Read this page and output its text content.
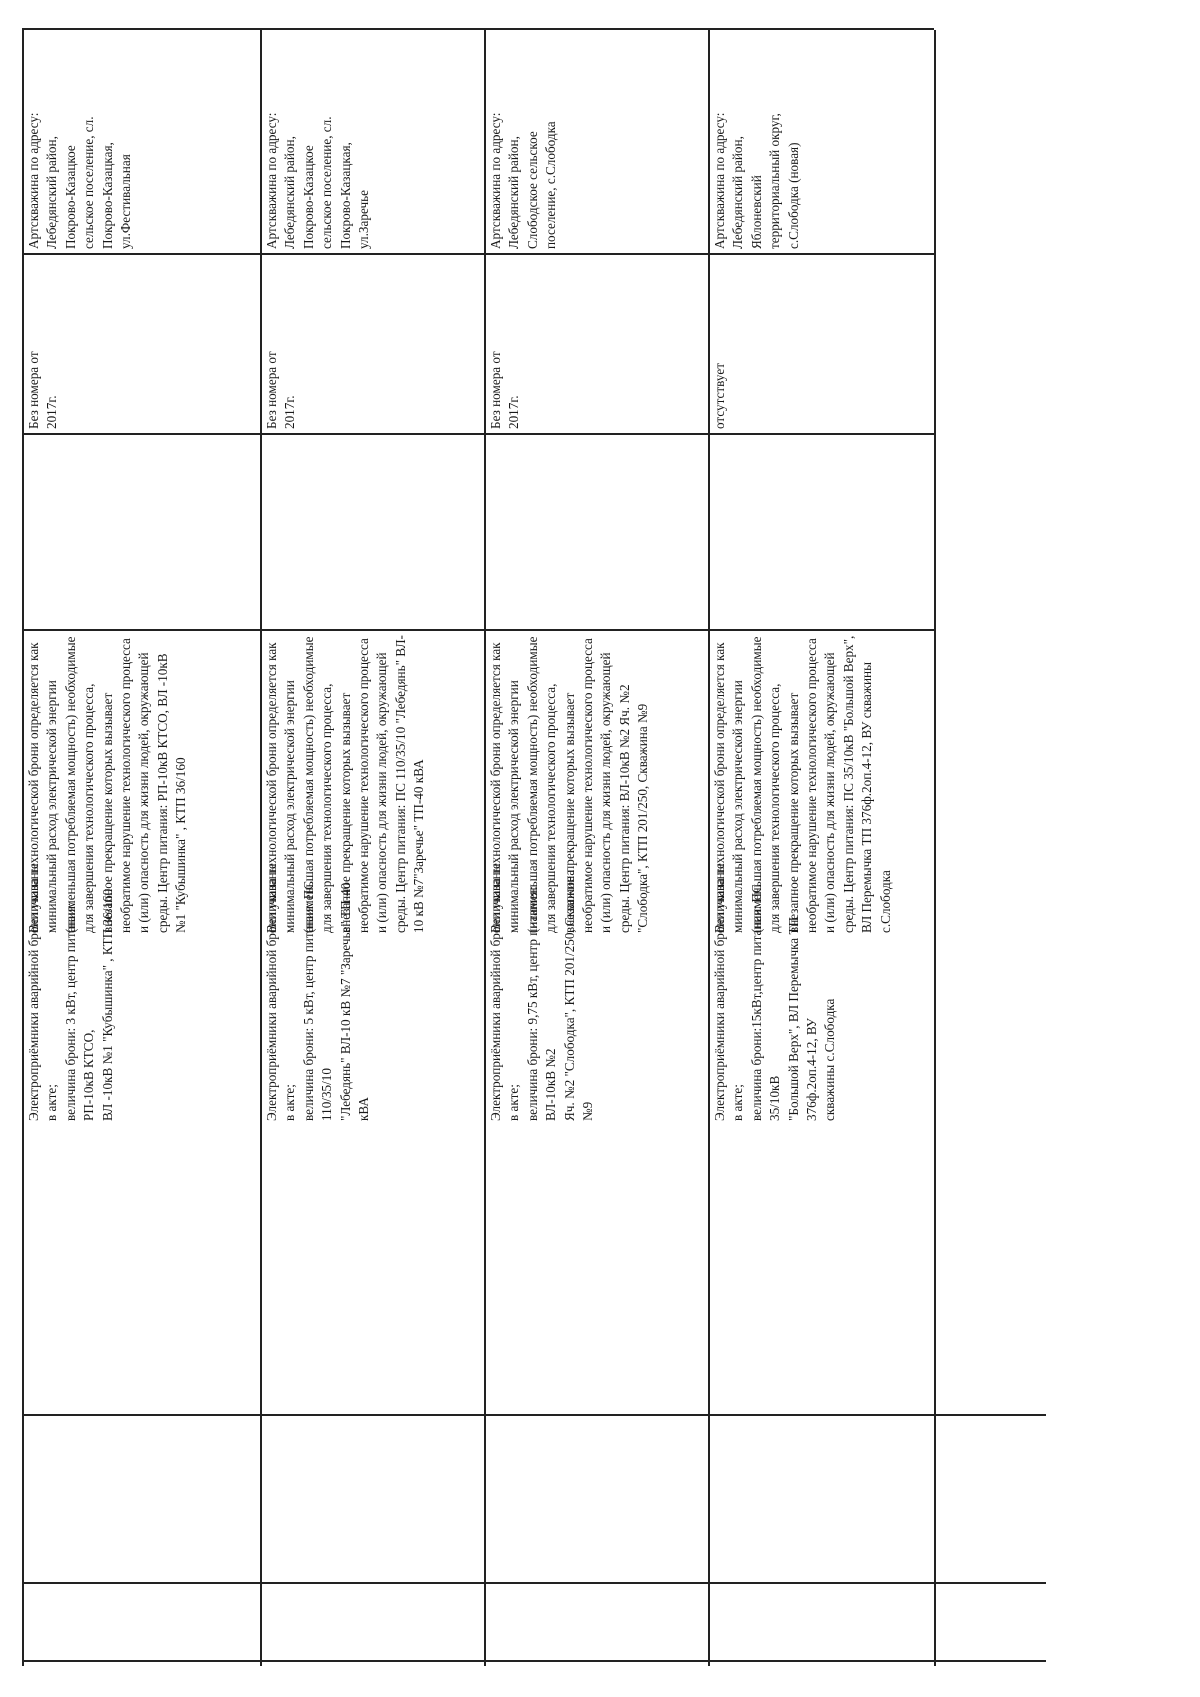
Артскважина по адресу:
Лебедянский район,
Покрово-Казацкое
сельское поселение, сл.
Покрово-Казацкая,
ул.Фестивальная
Без номера от
2017г.
Величина технологической брони определяется как
минимальный расход электрической энергии
(наименьшая потребляемая мощность) необходимые
для завершения технологического процесса,
внезапное прекращение которых вызывает
необратимое нарушение технологического процесса
и (или) опасность для жизни людей, окружающей
среды. Центр питания: РП-10кВ КТСО, ВЛ -10кВ
№1 "Кубышинка" , КТП 36/160
Электроприёмники аварийной брони указаны в акте;
величина брони: 3 кВт, центр питания: РП-10кВ КТСО,
ВЛ -10кВ №1 "Кубышинка" , КТП 36/160
Артскважина по адресу:
Лебедянский район,
Покрово-Казацкое
сельское поселение, сл.
Покрово-Казацкая,
ул.Заречье
Без номера от
2017г.
Величина технологической брони определяется как
минимальный расход электрической энергии
(наименьшая потребляемая мощность) необходимые
для завершения технологического процесса,
внезапное прекращение которых вызывает
необратимое нарушение технологического процесса
и (или) опасность для жизни людей, окружающей
среды. Центр питания: ПС 110/35/10 "Лебедянь" ВЛ-
10 кВ №7"Заречье" ТП-40 кВА
Электроприёмники аварийной брони указаны в акте;
величина брони: 5 кВт, центр питания: ПС 110/35/10
"Лебедянь" ВЛ-10 кВ №7 "Заречье" ТП-40 кВА
Артскважина по адресу:
Лебедянский район,
Слободское сельское
поселение, с.Слободка
Без номера от
2017г.
Величина технологической брони определяется как
минимальный расход электрической энергии
(наименьшая потребляемая мощность) необходимые
для завершения технологического процесса,
внезапное прекращение которых вызывает
необратимое нарушение технологического процесса
и (или) опасность для жизни людей, окружающей
среды. Центр питания: ВЛ-10кВ №2 Яч. №2
"Слободка", КТП 201/250, Скважина №9
Электроприёмники аварийной брони указаны в акте;
величина брони: 9,75 кВт, центр питания: ВЛ-10кВ №2
Яч. №2 "Слободка", КТП 201/250, Скважина №9
Артскважина по адресу:
Лебедянский район,
Яблоневский
территориальный округ,
с.Слободка (новая)
отсутствует
Величина технологической брони определяется как
минимальный расход электрической энергии
(наименьшая потребляемая мощность) необходимые
для завершения технологического процесса,
внезапное прекращение которых вызывает
необратимое нарушение технологического процесса
и (или) опасность для жизни людей, окружающей
среды. Центр питания: ПС 35/10кВ "Большой Верх",
ВЛ Перемычка ТП 376ф.2оп.4-12, ВУ скважины
с.Слободка
Электроприёмники аварийной брони указаны в акте;
величина брони:15кВт,центр питания: ПС 35/10кВ
"Большой Верх", ВЛ Перемычка ТП 376ф.2оп.4-12, ВУ
скважины с.Слободка
